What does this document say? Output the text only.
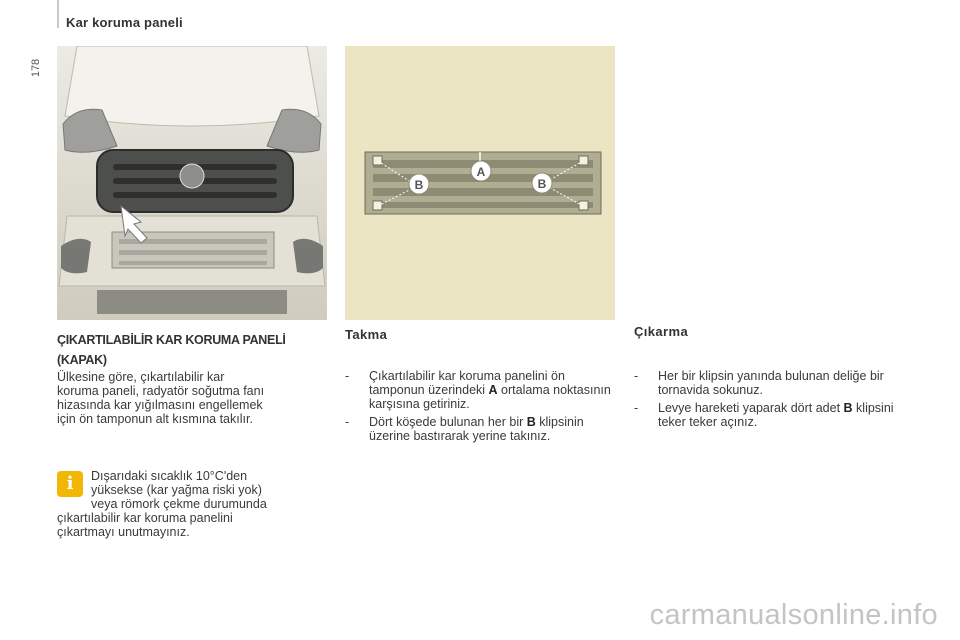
Kar koruma paneli
178
A
B	B
ÇIKARTILABİLİR KAR KORUMA PANELİ (KAPAK)
Ülkesine göre, çıkartılabilir kar
koruma paneli, radyatör soğutma fanı
hizasında kar yığılmasını engellemek
için ön tamponun alt kısmına takılır.
i	Dışarıdaki sıcaklık 10°C'den
yüksekse (kar yağma riski yok)
veya römork çekme durumunda
çıkartılabilir kar koruma panelini
çıkartmayı unutmayınız.
Takma
- Çıkartılabilir kar koruma panelini ön tamponun üzerindeki A ortalama noktasının karşısına getiriniz.
- Dört köşede bulunan her bir B klipsinin üzerine bastırarak yerine takınız.
Çıkarma
- Her bir klipsin yanında bulunan deliğe bir tornavida sokunuz.
- Levye hareketi yaparak dört adet B klipsini teker teker açınız.
carmanualsonline.info
